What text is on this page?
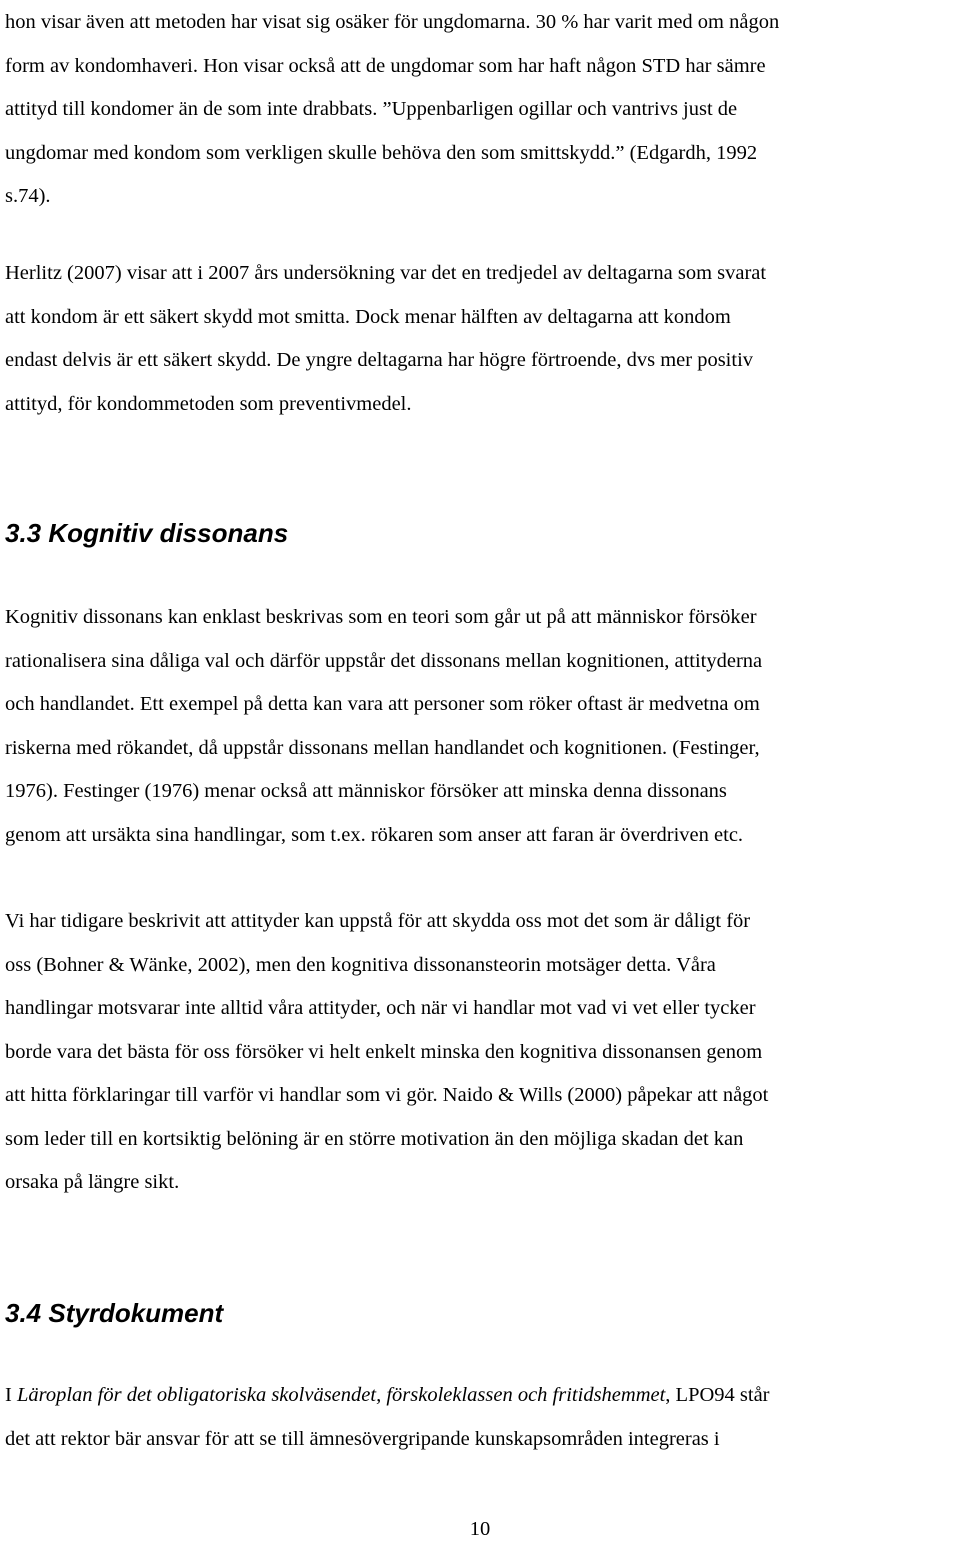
hon visar även att metoden har visat sig osäker för ungdomarna. 30 % har varit med om någon
form av kondomhaveri. Hon visar också att de ungdomar som har haft någon STD har sämre
attityd till kondomer än de som inte drabbats. ”Uppenbarligen ogillar och vantrivs just de
ungdomar med kondom som verkligen skulle behöva den som smittskydd.” (Edgardh, 1992
s.74).

Herlitz (2007) visar att i 2007 års undersökning var det en tredjedel av deltagarna som svarat
att kondom är ett säkert skydd mot smitta. Dock menar hälften av deltagarna att kondom
endast delvis är ett säkert skydd. De yngre deltagarna har högre förtroende, dvs mer positiv
attityd, för kondommetoden som preventivmedel.

3.3 Kognitiv dissonans

Kognitiv dissonans kan enklast beskrivas som en teori som går ut på att människor försöker
rationalisera sina dåliga val och därför uppstår det dissonans mellan kognitionen, attityderna
och handlandet. Ett exempel på detta kan vara att personer som röker oftast är medvetna om
riskerna med rökandet, då uppstår dissonans mellan handlandet och kognitionen. (Festinger,
1976). Festinger (1976) menar också att människor försöker att minska denna dissonans
genom att ursäkta sina handlingar, som t.ex. rökaren som anser att faran är överdriven etc.

Vi har tidigare beskrivit att attityder kan uppstå för att skydda oss mot det som är dåligt för
oss (Bohner & Wänke, 2002), men den kognitiva dissonansteorin motsäger detta. Våra
handlingar motsvarar inte alltid våra attityder, och när vi handlar mot vad vi vet eller tycker
borde vara det bästa för oss försöker vi helt enkelt minska den kognitiva dissonansen genom
att hitta förklaringar till varför vi handlar som vi gör. Naido & Wills (2000) påpekar att något
som leder till en kortsiktig belöning är en större motivation än den möjliga skadan det kan
orsaka på längre sikt.

3.4 Styrdokument

I Läroplan för det obligatoriska skolväsendet, förskoleklassen och fritidshemmet, LPO94 står
det att rektor bär ansvar för att se till ämnesövergripande kunskapsområden integreras i

10
